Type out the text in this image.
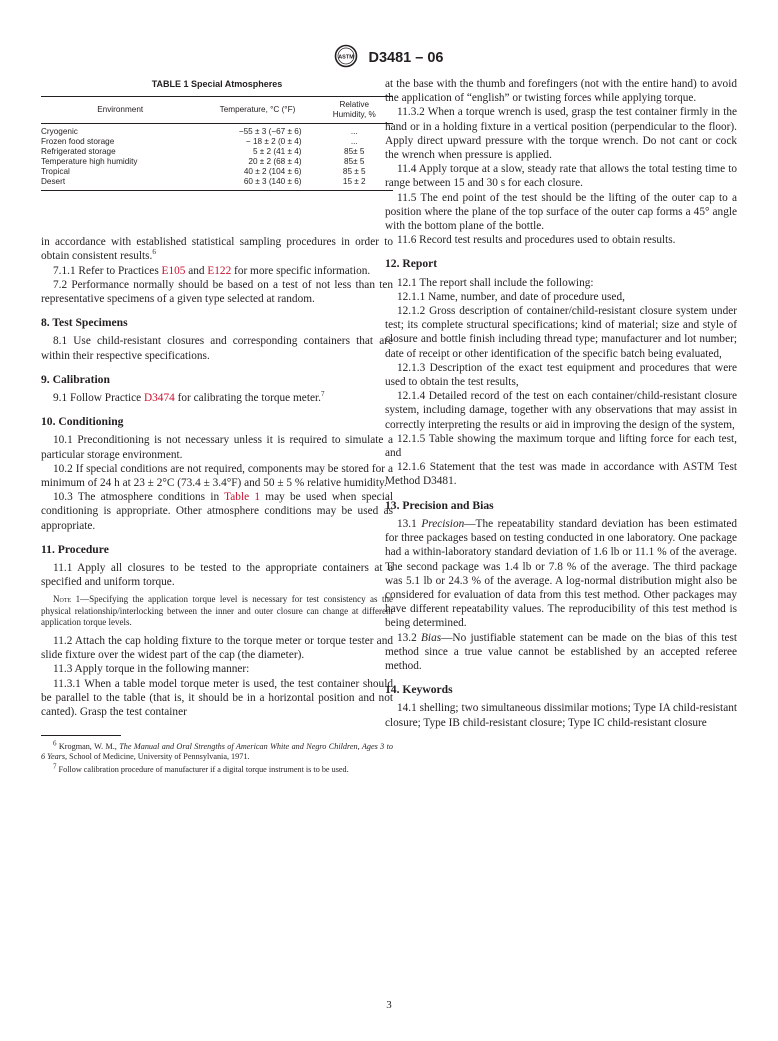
ASTM D3481 – 06
TABLE 1 Special Atmospheres
Environment	Temperature, °C (°F)	Relative Humidity, %
Cryogenic	−55 ± 3 (−67 ± 6)	...
Frozen food storage	− 18 ± 2 (0 ± 4)	...
Refrigerated storage	5 ± 2 (41 ± 4)	85± 5
Temperature high humidity	20 ± 2 (68 ± 4)	85± 5
Tropical	40 ± 2 (104 ± 6)	85 ± 5
Desert	60 ± 3 (140 ± 6)	15 ± 2

in accordance with established statistical sampling procedures in order to obtain consistent results.$^6$

7.1.1 Refer to Practices E105 and E122 for more specific information.

7.2 Performance normally should be based on a test of not less than ten representative specimens of a given type selected at random.

8. Test Specimens

8.1 Use child-resistant closures and corresponding containers that are within their respective specifications.

9. Calibration

9.1 Follow Practice D3474 for calibrating the torque meter.$^7$

10. Conditioning

10.1 Preconditioning is not necessary unless it is required to simulate a particular storage environment.

10.2 If special conditions are not required, components may be stored for a minimum of 24 h at 23 ± 2°C (73.4 ± 3.4°F) and 50 ± 5 % relative humidity.

10.3 The atmosphere conditions in Table 1 may be used when special conditioning is appropriate. Other atmosphere conditions may be used as appropriate.

11. Procedure

11.1 Apply all closures to be tested to the appropriate containers at a specified and uniform torque.

Note 1—Specifying the application torque level is necessary for test consistency as the physical relationship/interlocking between the inner and outer closure can change at different application torque levels.

11.2 Attach the cap holding fixture to the torque meter or torque tester and slide fixture over the widest part of the cap (the diameter).

11.3 Apply torque in the following manner:

11.3.1 When a table model torque meter is used, the test container should be parallel to the table (that is, it should be in a horizontal position and not canted). Grasp the test container

$^6$ Krogman, W. M., The Manual and Oral Strengths of American White and Negro Children, Ages 3 to 6 Years, School of Medicine, University of Pennsylvania, 1971.
$^7$ Follow calibration procedure of manufacturer if a digital torque instrument is to be used.

at the base with the thumb and forefingers (not with the entire hand) to avoid the application of “english” or twisting forces while applying torque.

11.3.2 When a torque wrench is used, grasp the test container firmly in the hand or in a holding fixture in a vertical position (perpendicular to the floor). Apply direct upward pressure with the torque wrench. Do not cant or cock the wrench when pressure is applied.

11.4 Apply torque at a slow, steady rate that allows the total testing time to range between 15 and 30 s for each closure.

11.5 The end point of the test should be the lifting of the outer cap to a position where the plane of the top surface of the outer cap forms a 45° angle with the bottom plane of the bottle.

11.6 Record test results and procedures used to obtain results.

12. Report

12.1 The report shall include the following:

12.1.1 Name, number, and date of procedure used,

12.1.2 Gross description of container/child-resistant closure system under test; its complete structural specifications; kind of material; size and style of closure and bottle finish including thread type; manufacturer and lot number; date of receipt or other identification of the specific batch being evaluated,

12.1.3 Description of the exact test equipment and procedures that were used to obtain the test results,

12.1.4 Detailed record of the test on each container/child-resistant closure system, including damage, together with any observations that may assist in correctly interpreting the results or aid in improving the design of the system,

12.1.5 Table showing the maximum torque and lifting force for each test, and

12.1.6 Statement that the test was made in accordance with ASTM Test Method D3481.

13. Precision and Bias

13.1 Precision—The repeatability standard deviation has been estimated for three packages based on testing conducted in one laboratory. One package had a within-laboratory standard deviation of 1.6 lb or 11.1 % of the average. The second package was 1.4 lb or 7.8 % of the average. The third package was 5.1 lb or 24.3 % of the average. A log-normal distribution might also be considered for evaluation of data from this test method. Other packages may have different repeatability values. The reproducibility of this test method is being determined.

13.2 Bias—No justifiable statement can be made on the bias of this test method since a true value cannot be established by an accepted referee method.

14. Keywords

14.1 shelling; two simultaneous dissimilar motions; Type IA child-resistant closure; Type IB child-resistant closure; Type IC child-resistant closure

3
